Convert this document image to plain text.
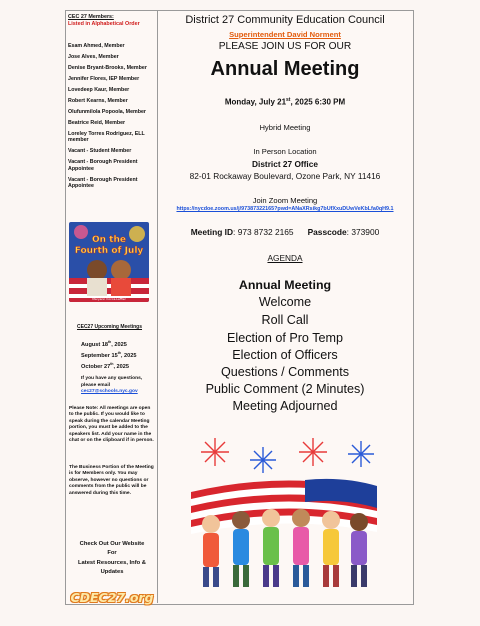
CEC 27 Members:
Listed in Alphabetical Order
Esam Ahmed, Member
Jose Alves, Member
Denise Bryant-Brooks, Member
Jennifer Flores, IEP Member
Lovedeep Kaur, Member
Robert Kearns, Member
Olufunmilola Popoola, Member
Beatrice Reid, Member
Loreley Torres Rodriguez, ELL member
Vacant - Student Member
Vacant - Borough President Appointee
Vacant - Borough President Appointee
On the
Fourth of July
Maryann Cocca-Leffler
CEC27 Upcoming Meetings
August 18th, 2025
September 15th, 2025
October 27th, 2025
If you have any questions, please email
cec27@schools.nyc.gov
Please Note: All meetings are open to the public. If you would like to speak during the calendar Meeting portion, you must be added to the speakers list. Add your name in the chat or on the clipboard if in person.
The Business Portion of the Meeting is for Members only. You may observe, however no questions or comments from the public will be answered during this time.
Check Out Our Website
For
Latest Resources, Info & Updates
CDEC27.org
District 27 Community Education Council
Superintendent David Norment
PLEASE JOIN US FOR OUR
Annual Meeting
Monday, July 21st, 2025 6:30 PM
Hybrid Meeting
In Person Location
District 27 Office
82-01 Rockaway Boulevard, Ozone Park, NY 11416
Join Zoom Meeting
https://nycdoe.zoom.us/j/97387322165?pwd=ANaXRsikg7bUfXxuDUwVeKbLfa0qH9.1
Meeting ID: 973 8732 2165 Passcode: 373900
AGENDA
Annual Meeting
Welcome
Roll Call
Election of Pro Temp
Election of Officers
Questions / Comments
Public Comment (2 Minutes)
Meeting Adjourned
